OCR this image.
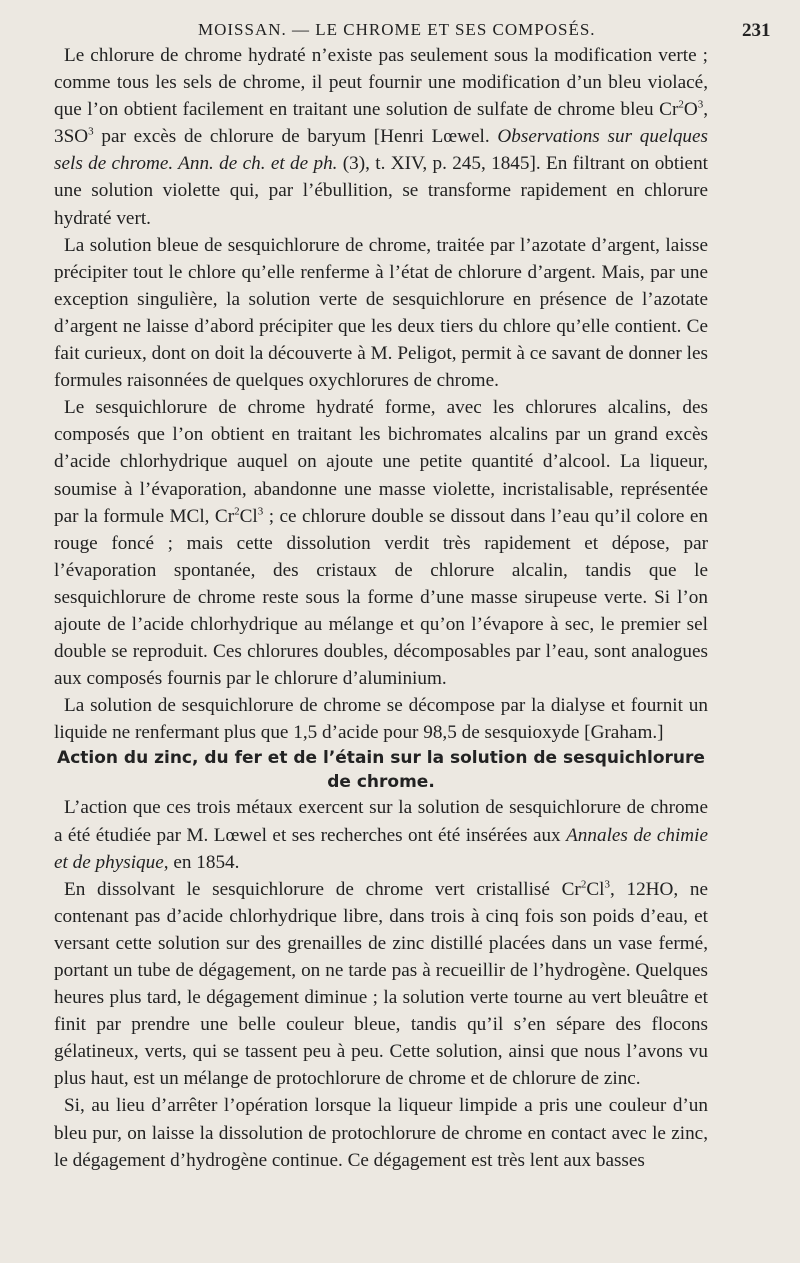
MOISSAN. — LE CHROME ET SES COMPOSÉS.	231

Le chlorure de chrome hydraté n’existe pas seulement sous la modification verte ; comme tous les sels de chrome, il peut fournir une modification d’un bleu violacé, que l’on obtient facilement en traitant une solution de sulfate de chrome bleu $Cr^2O^3$, $3SO^3$ par excès de chlorure de baryum [Henri Lœwel. Observations sur quelques sels de chrome. Ann. de ch. et de ph. (3), t. XIV, p. 245, 1845]. En filtrant on obtient une solution violette qui, par l’ébullition, se transforme rapidement en chlorure hydraté vert.

La solution bleue de sesquichlorure de chrome, traitée par l’azotate d’argent, laisse précipiter tout le chlore qu’elle renferme à l’état de chlorure d’argent. Mais, par une exception singulière, la solution verte de sesquichlorure en présence de l’azotate d’argent ne laisse d’abord précipiter que les deux tiers du chlore qu’elle contient. Ce fait curieux, dont on doit la découverte à M. Peligot, permit à ce savant de donner les formules raisonnées de quelques oxychlorures de chrome.

Le sesquichlorure de chrome hydraté forme, avec les chlorures alcalins, des composés que l’on obtient en traitant les bichromates alcalins par un grand excès d’acide chlorhydrique auquel on ajoute une petite quantité d’alcool. La liqueur, soumise à l’évaporation, abandonne une masse violette, incristalisable, représentée par la formule MCl, Cr$^2$Cl$^3$ ; ce chlorure double se dissout dans l’eau qu’il colore en rouge foncé ; mais cette dissolution verdit très rapidement et dépose, par l’évaporation spontanée, des cristaux de chlorure alcalin, tandis que le sesquichlorure de chrome reste sous la forme d’une masse sirupeuse verte. Si l’on ajoute de l’acide chlorhydrique au mélange et qu’on l’évapore à sec, le premier sel double se reproduit. Ces chlorures doubles, décomposables par l’eau, sont analogues aux composés fournis par le chlorure d’aluminium.

La solution de sesquichlorure de chrome se décompose par la dialyse et fournit un liquide ne renfermant plus que 1,5 d’acide pour 98,5 de sesquioxyde [Graham.]

Action du zinc, du fer et de l’étain sur la solution de sesquichlorure de chrome.

L’action que ces trois métaux exercent sur la solution de sesquichlorure de chrome a été étudiée par M. Lœwel et ses recherches ont été insérées aux Annales de chimie et de physique, en 1854.

En dissolvant le sesquichlorure de chrome vert cristallisé Cr$^2$Cl$^3$, 12HO, ne contenant pas d’acide chlorhydrique libre, dans trois à cinq fois son poids d’eau, et versant cette solution sur des grenailles de zinc distillé placées dans un vase fermé, portant un tube de dégagement, on ne tarde pas à recueillir de l’hydrogène. Quelques heures plus tard, le dégagement diminue ; la solution verte tourne au vert bleuâtre et finit par prendre une belle couleur bleue, tandis qu’il s’en sépare des flocons gélatineux, verts, qui se tassent peu à peu. Cette solution, ainsi que nous l’avons vu plus haut, est un mélange de protochlorure de chrome et de chlorure de zinc.

Si, au lieu d’arrêter l’opération lorsque la liqueur limpide a pris une couleur d’un bleu pur, on laisse la dissolution de protochlorure de chrome en contact avec le zinc, le dégagement d’hydrogène continue. Ce dégagement est très lent aux basses
